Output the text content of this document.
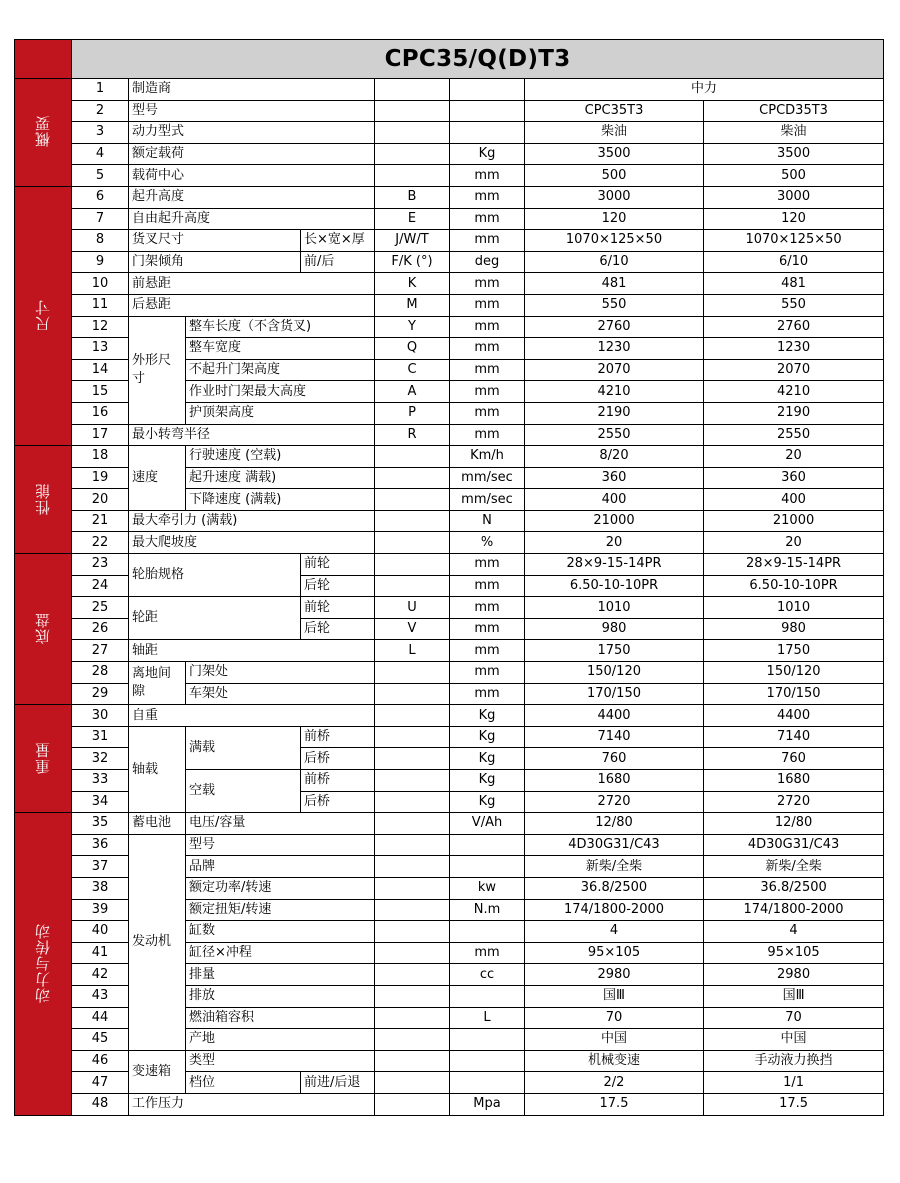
	CPC35/Q(D)T3							
概要	1	制造商					中力	
	2	型号					CPC35T3	CPCD35T3
	3	动力型式					柴油	柴油
	4	额定载荷				Kg	3500	3500
	5	载荷中心				mm	500	500
尺寸	6	起升高度			B	mm	3000	3000
	7	自由起升高度			E	mm	120	120
	8	货叉尺寸		长×宽×厚	J/W/T	mm	1070×125×50	1070×125×50
	9	门架倾角		前/后	F/K (°)	deg	6/10	6/10
	10	前悬距			K	mm	481	481
	11	后悬距			M	mm	550	550
	12	外形尺寸	整车长度（不含货叉)		Y	mm	2760	2760
	13		整车宽度		Q	mm	1230	1230
	14		不起升门架高度		C	mm	2070	2070
	15		作业时门架最大高度		A	mm	4210	4210
	16		护顶架高度		P	mm	2190	2190
	17	最小转弯半径			R	mm	2550	2550
性能	18	速度	行驶速度 (空载)			Km/h	8/20	20
	19		起升速度 满载)			mm/sec	360	360
	20		下降速度 (满载)			mm/sec	400	400
	21	最大牵引力 (满载)				N	21000	21000
	22	最大爬坡度				%	20	20
底盘	23	轮胎规格		前轮		mm	28×9-15-14PR	28×9-15-14PR
	24			后轮		mm	6.50-10-10PR	6.50-10-10PR
	25	轮距		前轮	U	mm	1010	1010
	26			后轮	V	mm	980	980
	27	轴距			L	mm	1750	1750
	28	离地间隙	门架处			mm	150/120	150/120
	29		车架处			mm	170/150	170/150
重量	30	自重				Kg	4400	4400
	31	轴载	满载	前桥		Kg	7140	7140
	32			后桥		Kg	760	760
	33		空载	前桥		Kg	1680	1680
	34			后桥		Kg	2720	2720
动力与传动	35	蓄电池	电压/容量			V/Ah	12/80	12/80
	36	发动机	型号				4D30G31/C43	4D30G31/C43
	37		品牌				新柴/全柴	新柴/全柴
	38		额定功率/转速			kw	36.8/2500	36.8/2500
	39		额定扭矩/转速			N.m	174/1800-2000	174/1800-2000
	40		缸数				4	4
	41		缸径×冲程			mm	95×105	95×105
	42		排量			cc	2980	2980
	43		排放				国Ⅲ	国Ⅲ
	44		燃油箱容积			L	70	70
	45		产地				中国	中国
	46	变速箱	类型				机械变速	手动液力换挡
	47		档位	前进/后退			2/2	1/1
	48	工作压力				Mpa	17.5	17.5
